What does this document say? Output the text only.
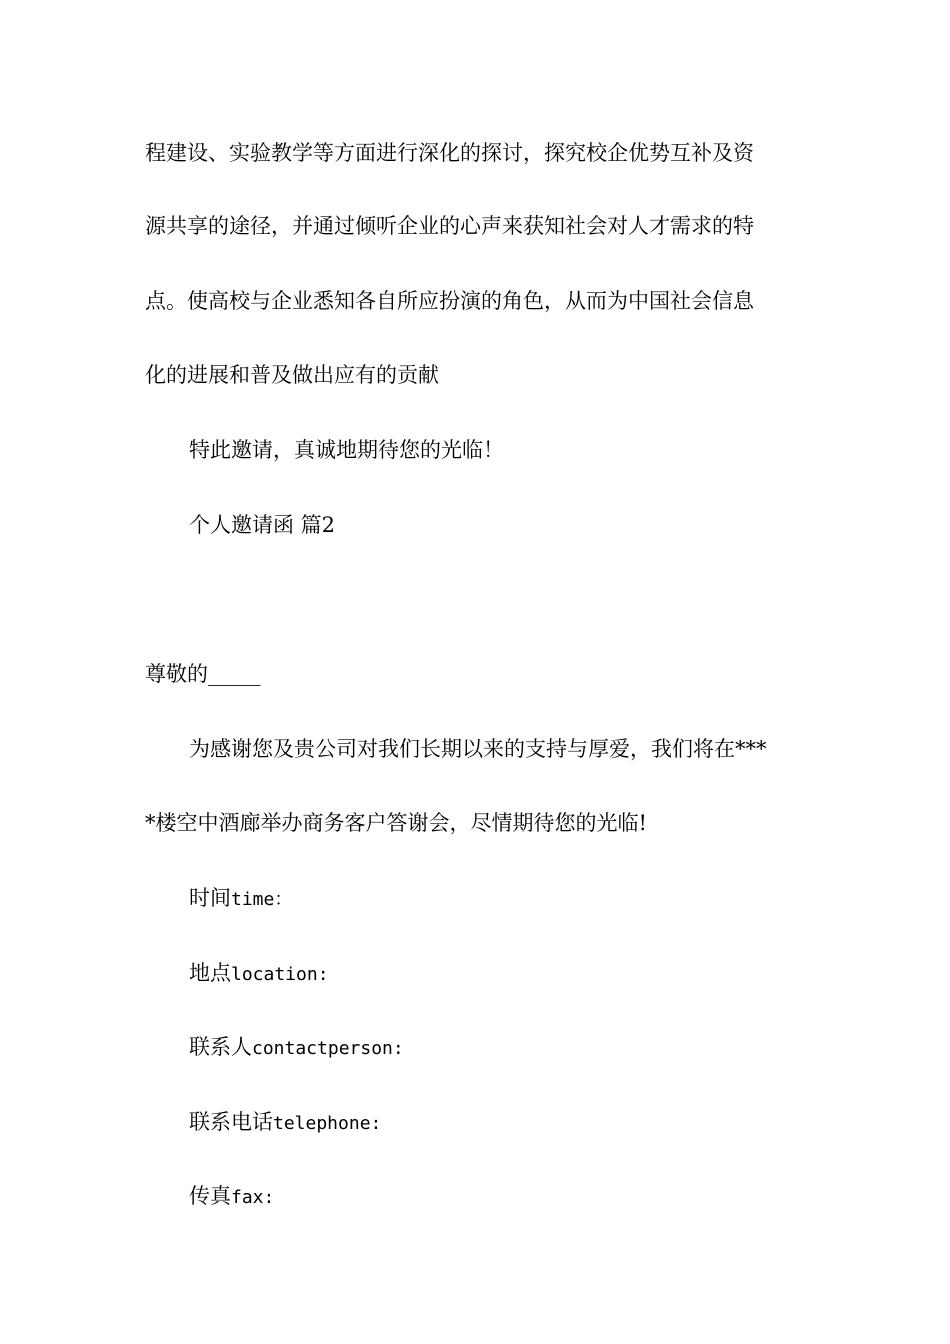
程建设、实验教学等方面进行深化的探讨，探究校企优势互补及资
源共享的途径，并通过倾听企业的心声来获知社会对人才需求的特
点。使高校与企业悉知各自所应扮演的角色，从而为中国社会信息
化的进展和普及做出应有的贡献
特此邀请，真诚地期待您的光临！
个人邀请函 篇2
尊敬的_____
为感谢您及贵公司对我们长期以来的支持与厚爱，我们将在***
*楼空中酒廊举办商务客户答谢会，尽情期待您的光临!
时间time：
地点location:
联系人contactperson:
联系电话telephone:
传真fax:
